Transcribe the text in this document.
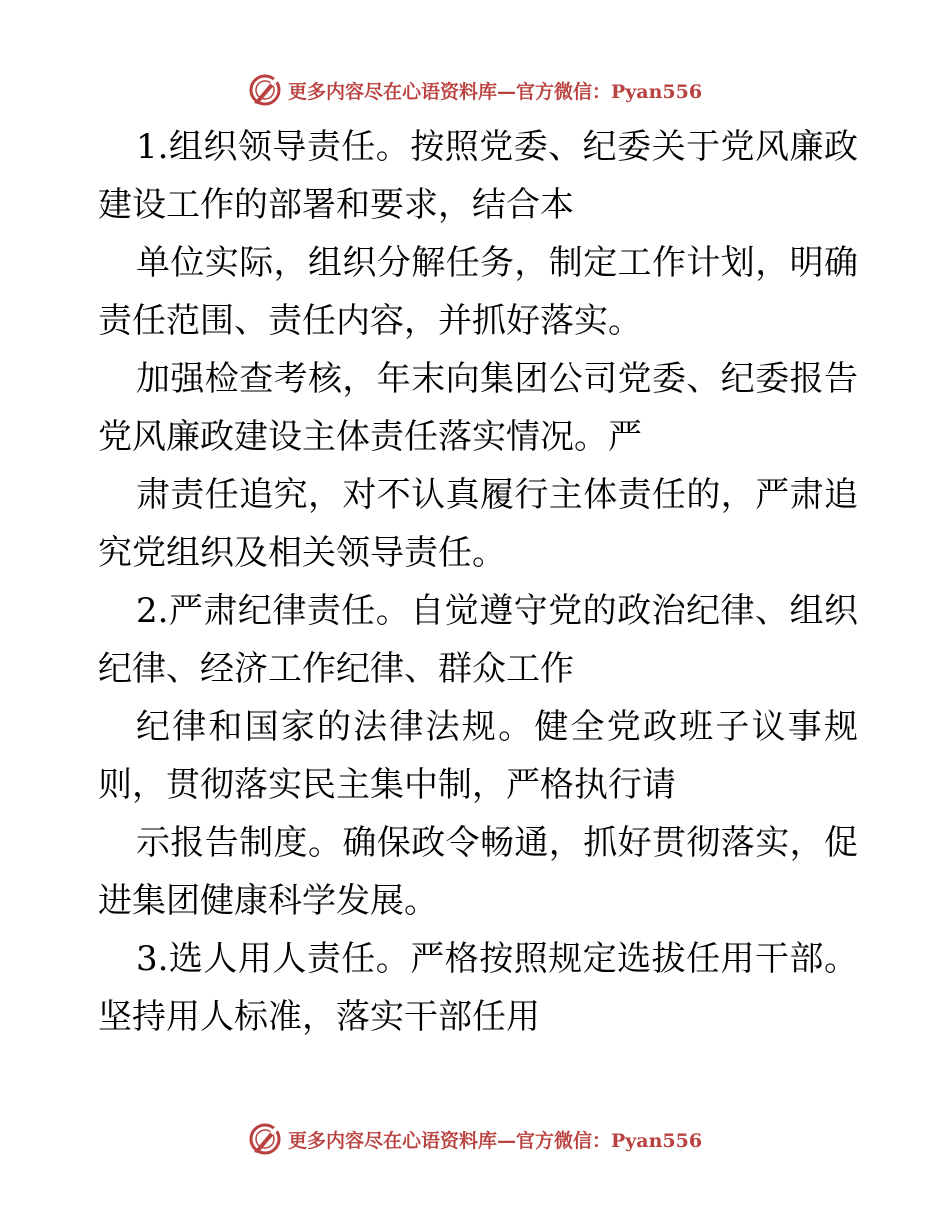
更多内容尽在心语资料库—官方微信：Pyan556

1.组织领导责任。按照党委、纪委关于党风廉政建设工作的部署和要求，结合本

单位实际，组织分解任务，制定工作计划，明确责任范围、责任内容，并抓好落实。

加强检查考核，年末向集团公司党委、纪委报告党风廉政建设主体责任落实情况。严

肃责任追究，对不认真履行主体责任的，严肃追究党组织及相关领导责任。

2.严肃纪律责任。自觉遵守党的政治纪律、组织纪律、经济工作纪律、群众工作

纪律和国家的法律法规。健全党政班子议事规则，贯彻落实民主集中制，严格执行请

示报告制度。确保政令畅通，抓好贯彻落实，促进集团健康科学发展。

3.选人用人责任。严格按照规定选拔任用干部。坚持用人标准，落实干部任用

更多内容尽在心语资料库—官方微信：Pyan556
